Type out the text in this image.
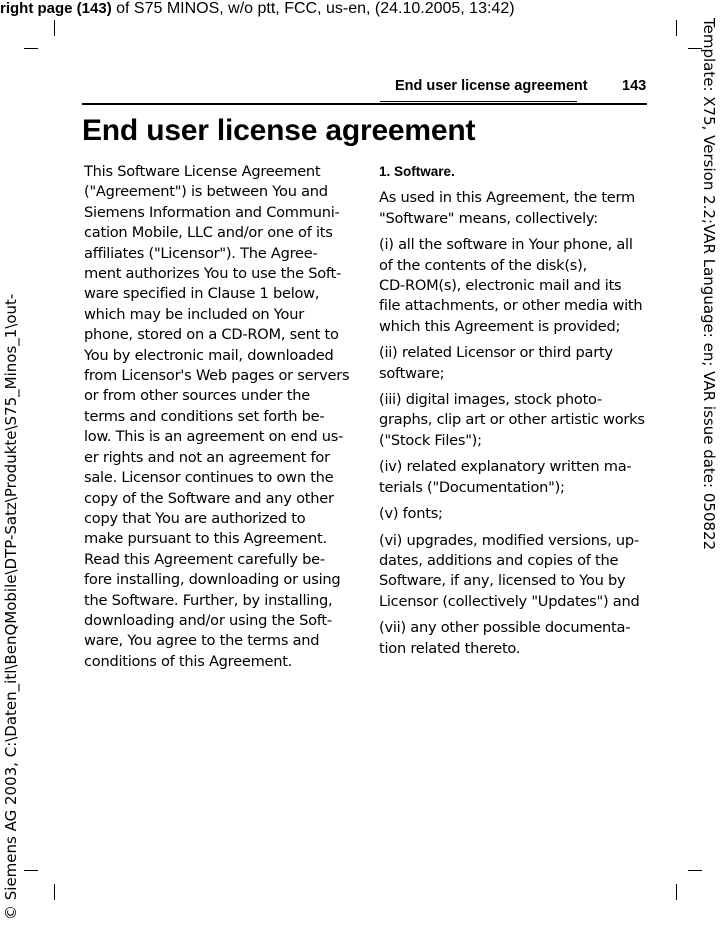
right page (143) of S75 MINOS, w/o ptt, FCC, us-en, (24.10.2005, 13:42)
Template: X75, Version 2.2;VAR Language: en; VAR issue date: 050822
© Siemens AG 2003, C:\Daten_itl\BenQMobile\DTP-Satz\Produkte\S75_Minos_1\out-
End user license agreement 143
End user license agreement
This Software License Agreement
("Agreement") is between You and
Siemens Information and Communi-
cation Mobile, LLC and/or one of its
affiliates ("Licensor"). The Agree-
ment authorizes You to use the Soft-
ware specified in Clause 1 below,
which may be included on Your
phone, stored on a CD-ROM, sent to
You by electronic mail, downloaded
from Licensor's Web pages or servers
or from other sources under the
terms and conditions set forth be-
low. This is an agreement on end us-
er rights and not an agreement for
sale. Licensor continues to own the
copy of the Software and any other
copy that You are authorized to
make pursuant to this Agreement.
Read this Agreement carefully be-
fore installing, downloading or using
the Software. Further, by installing,
downloading and/or using the Soft-
ware, You agree to the terms and
conditions of this Agreement.
1. Software.

As used in this Agreement, the term
"Software" means, collectively:

(i) all the software in Your phone, all
of the contents of the disk(s),
CD-ROM(s), electronic mail and its
file attachments, or other media with
which this Agreement is provided;

(ii) related Licensor or third party
software;

(iii) digital images, stock photo-
graphs, clip art or other artistic works
("Stock Files");

(iv) related explanatory written ma-
terials ("Documentation");

(v) fonts;

(vi) upgrades, modified versions, up-
dates, additions and copies of the
Software, if any, licensed to You by
Licensor (collectively "Updates") and

(vii) any other possible documenta-
tion related thereto.
